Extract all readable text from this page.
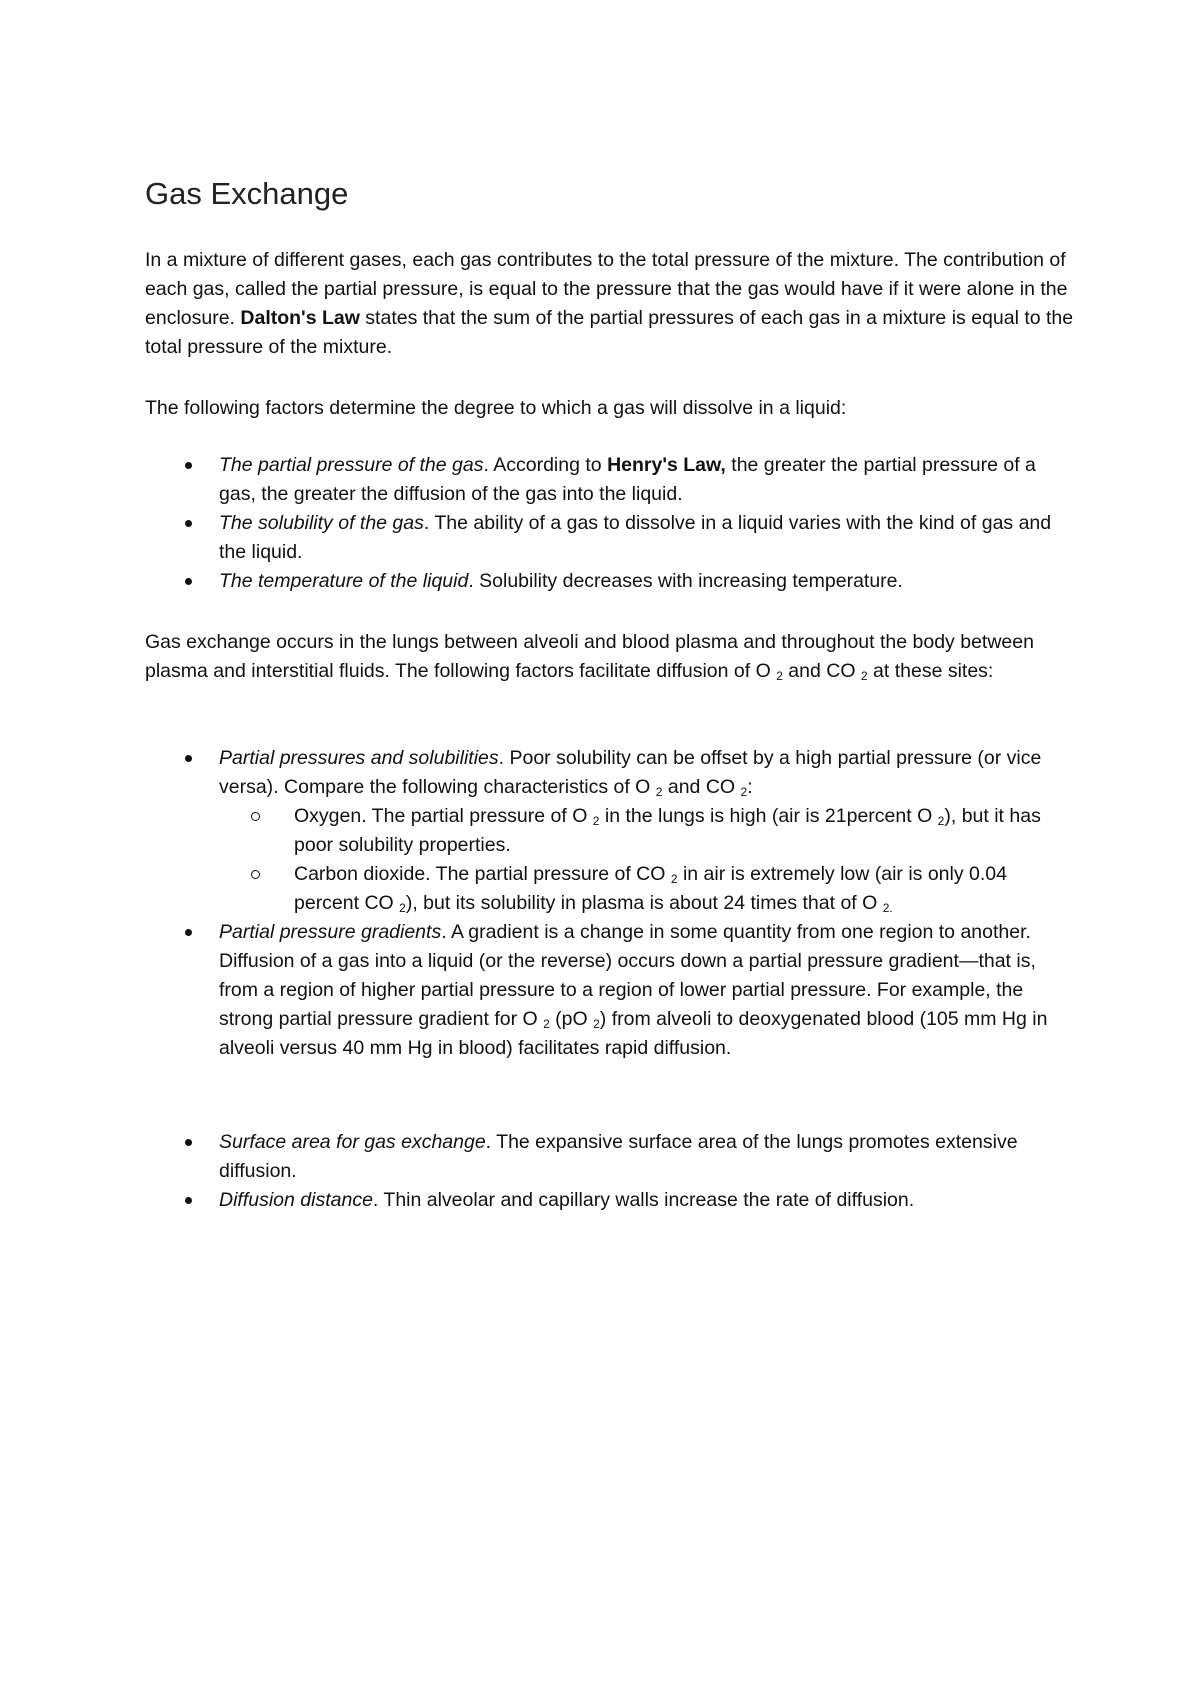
Gas Exchange

In a mixture of different gases, each gas contributes to the total pressure of the mixture. The contribution of each gas, called the partial pressure, is equal to the pressure that the gas would have if it were alone in the enclosure. Dalton's Law states that the sum of the partial pressures of each gas in a mixture is equal to the total pressure of the mixture.

The following factors determine the degree to which a gas will dissolve in a liquid:

The partial pressure of the gas. According to Henry's Law, the greater the partial pressure of a gas, the greater the diffusion of the gas into the liquid.
The solubility of the gas. The ability of a gas to dissolve in a liquid varies with the kind of gas and the liquid.
The temperature of the liquid. Solubility decreases with increasing temperature.

Gas exchange occurs in the lungs between alveoli and blood plasma and throughout the body between plasma and interstitial fluids. The following factors facilitate diffusion of O $_2$ and CO $_2$ at these sites:

Partial pressures and solubilities. Poor solubility can be offset by a high partial pressure (or vice versa). Compare the following characteristics of O $_2$ and CO $_2$:
Oxygen. The partial pressure of O $_2$ in the lungs is high (air is 21percent O $_2$), but it has poor solubility properties.
Carbon dioxide. The partial pressure of CO $_2$ in air is extremely low (air is only 0.04 percent CO $_2$), but its solubility in plasma is about 24 times that of O $_{2.}$
Partial pressure gradients. A gradient is a change in some quantity from one region to another. Diffusion of a gas into a liquid (or the reverse) occurs down a partial pressure gradient—that is, from a region of higher partial pressure to a region of lower partial pressure. For example, the strong partial pressure gradient for O $_2$ (pO $_2$) from alveoli to deoxygenated blood (105 mm Hg in alveoli versus 40 mm Hg in blood) facilitates rapid diffusion.
Surface area for gas exchange. The expansive surface area of the lungs promotes extensive diffusion.
Diffusion distance. Thin alveolar and capillary walls increase the rate of diffusion.
